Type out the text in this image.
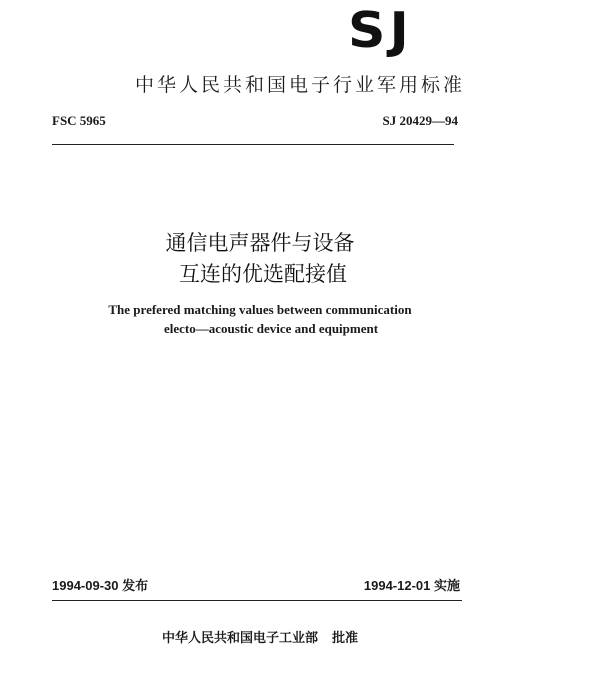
SJ
中华人民共和国电子行业军用标准
FSC 5965	SJ 20429—94
通信电声器件与设备
互连的优选配接值
The prefered matching values between communication
electo—acoustic device and equipment
1994-09-30 发布	1994-12-01 实施
中华人民共和国电子工业部 批准
